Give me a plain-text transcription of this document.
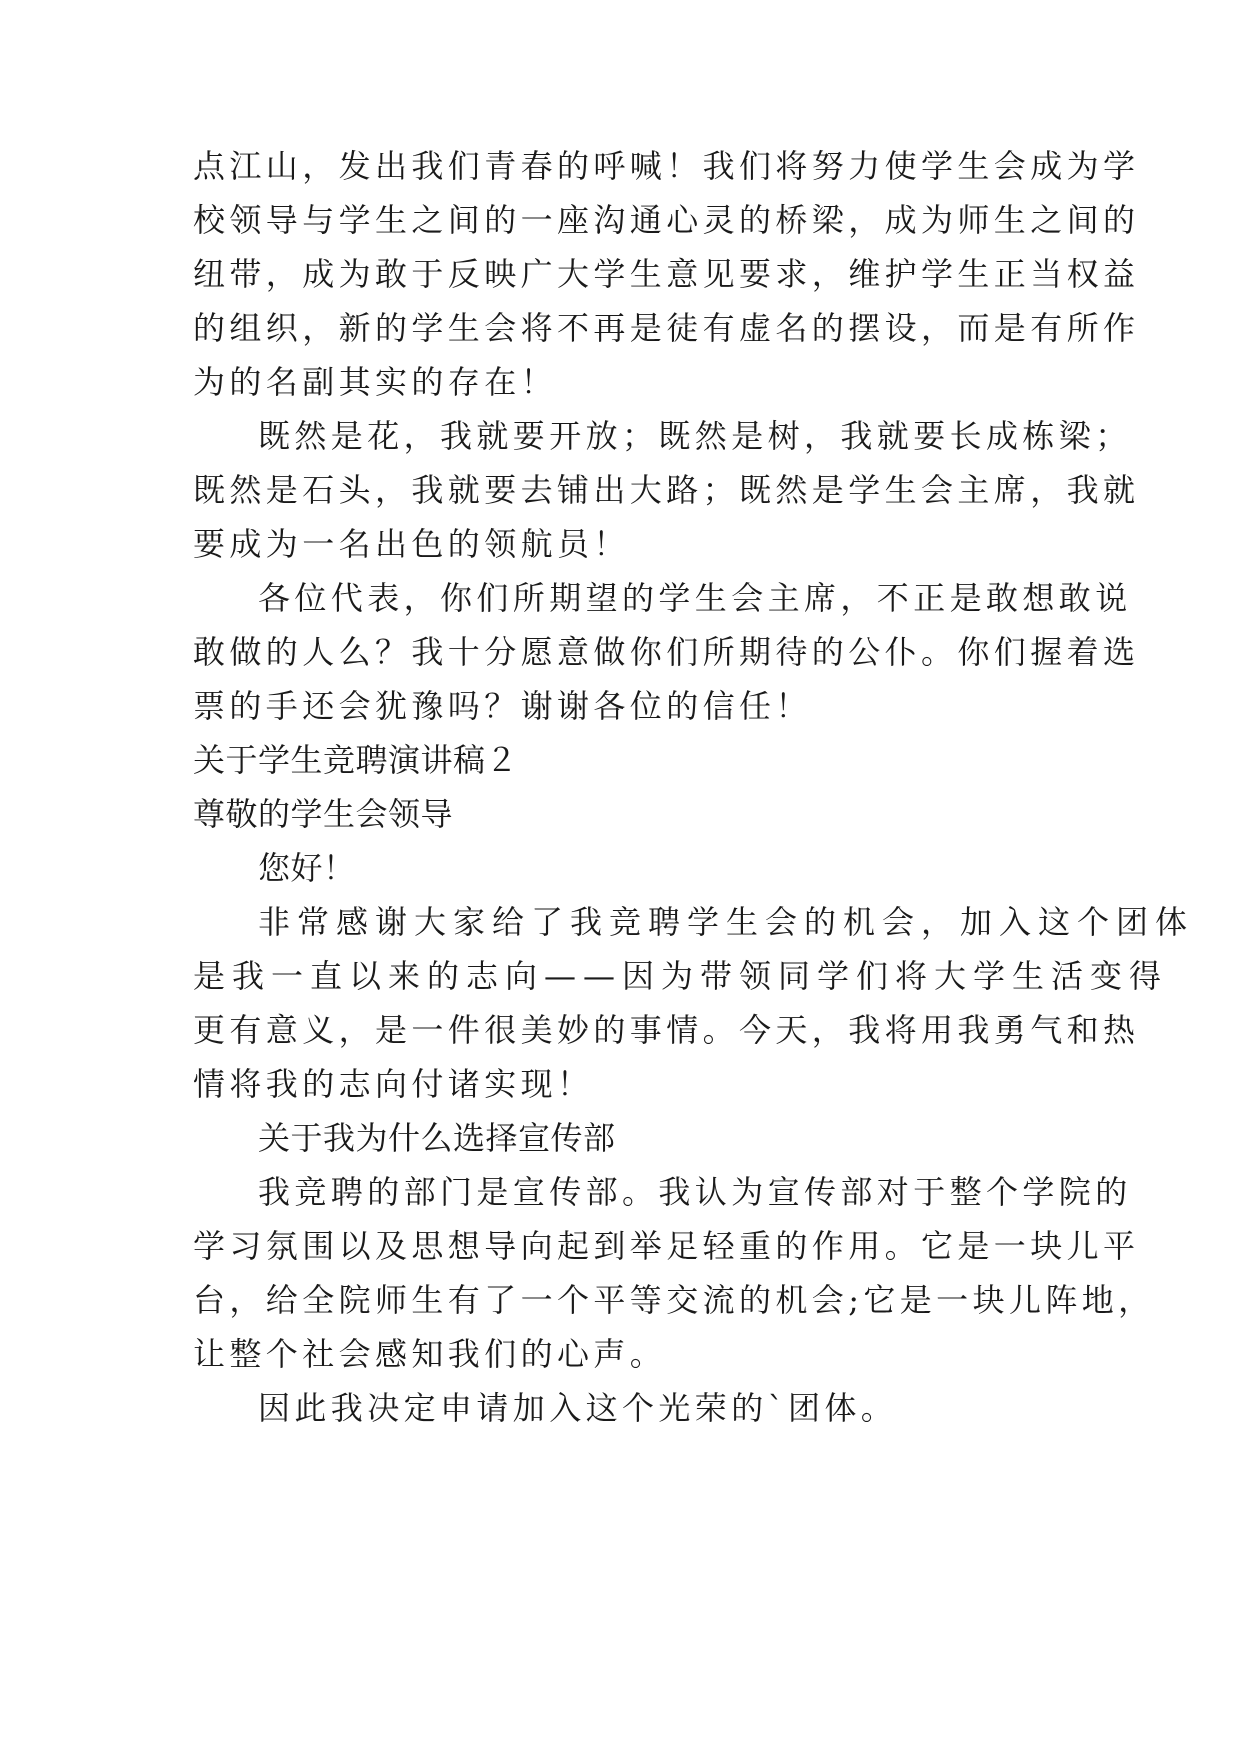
点江山，发出我们青春的呼喊！我们将努力使学生会成为学
校领导与学生之间的一座沟通心灵的桥梁，成为师生之间的
纽带，成为敢于反映广大学生意见要求，维护学生正当权益
的组织，新的学生会将不再是徒有虚名的摆设，而是有所作
为的名副其实的存在！
既然是花，我就要开放；既然是树，我就要长成栋梁；
既然是石头，我就要去铺出大路；既然是学生会主席，我就
要成为一名出色的领航员！
各位代表，你们所期望的学生会主席，不正是敢想敢说
敢做的人么？我十分愿意做你们所期待的公仆。你们握着选
票的手还会犹豫吗？谢谢各位的信任！
关于学生竞聘演讲稿２
尊敬的学生会领导
您好！
非常感谢大家给了我竞聘学生会的机会，加入这个团体
是我一直以来的志向——因为带领同学们将大学生活变得
更有意义，是一件很美妙的事情。今天，我将用我勇气和热
情将我的志向付诸实现！
关于我为什么选择宣传部
我竞聘的部门是宣传部。我认为宣传部对于整个学院的
学习氛围以及思想导向起到举足轻重的作用。它是一块儿平
台，给全院师生有了一个平等交流的机会;它是一块儿阵地，
让整个社会感知我们的心声。
因此我决定申请加入这个光荣的`团体。
